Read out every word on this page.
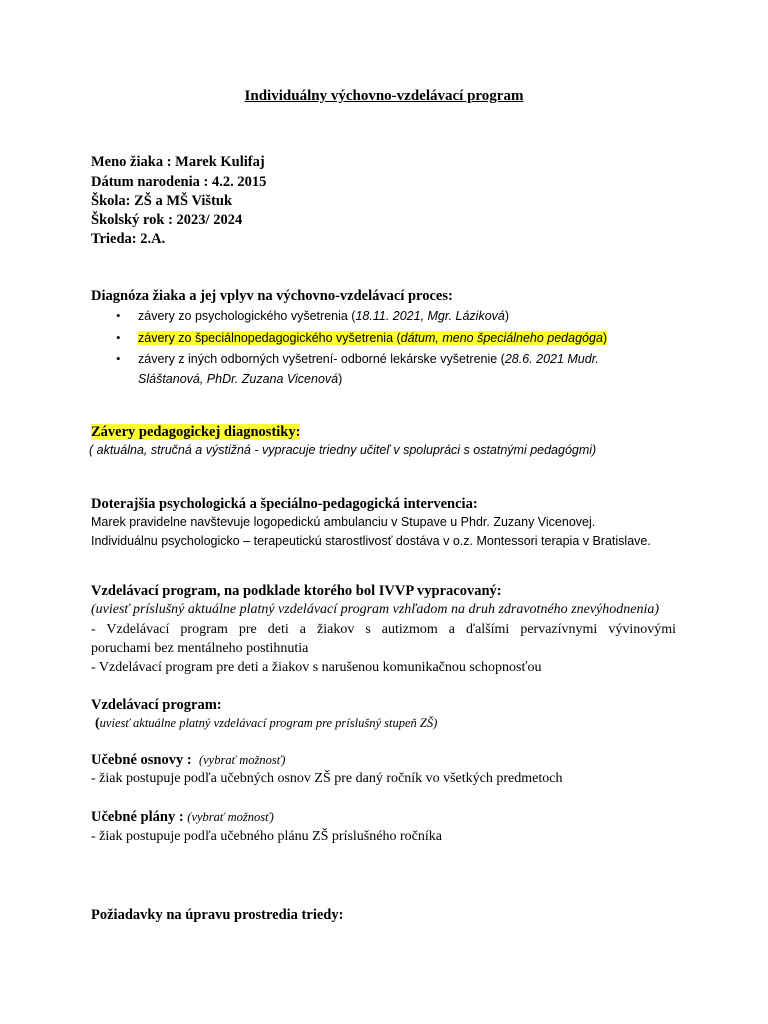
Individuálny výchovno-vzdelávací program
Meno žiaka : Marek Kulifaj
Dátum narodenia : 4.2. 2015
Škola: ZŠ a MŠ Vištuk
Školský rok : 2023/ 2024
Trieda: 2.A.
Diagnóza žiaka a jej vplyv na výchovno-vzdelávací proces:
• závery zo psychologického vyšetrenia (18.11. 2021, Mgr. Láziková)
• závery zo špeciálnopedagogického vyšetrenia (dátum, meno špeciálneho pedagóga)
• závery z iných odborných vyšetrení- odborné lekárske vyšetrenie (28.6. 2021 Mudr.
Sláštanová, PhDr. Zuzana Vicenová)
Závery pedagogickej diagnostiky:
( aktuálna, stručná a výstižná - vypracuje triedny učiteľ v spolupráci s ostatnými pedagógmi)
Doterajšia psychologická a špeciálno-pedagogická intervencia:
Marek pravidelne navštevuje logopedickú ambulanciu v Stupave u Phdr. Zuzany Vicenovej.
Individuálnu psychologicko – terapeutickú starostlivosť dostáva v o.z. Montessori terapia v Bratislave.
Vzdelávací program, na podklade ktorého bol IVVP vypracovaný:
(uviesť príslušný aktuálne platný vzdelávací program vzhľadom na druh zdravotného znevýhodnenia)
- Vzdelávací program pre deti a žiakov s autizmom a ďalšími pervazívnymi vývinovými
poruchami bez mentálneho postihnutia
- Vzdelávací program pre deti a žiakov s narušenou komunikačnou schopnosťou
Vzdelávací program:
(uviesť aktuálne platný vzdelávací program pre príslušný stupeň ZŠ)
Učebné osnovy : (vybrať možnosť)
- žiak postupuje podľa učebných osnov ZŠ pre daný ročník vo všetkých predmetoch
Učebné plány : (vybrať možnosť)
- žiak postupuje podľa učebného plánu ZŠ príslušného ročníka
Požiadavky na úpravu prostredia triedy:
